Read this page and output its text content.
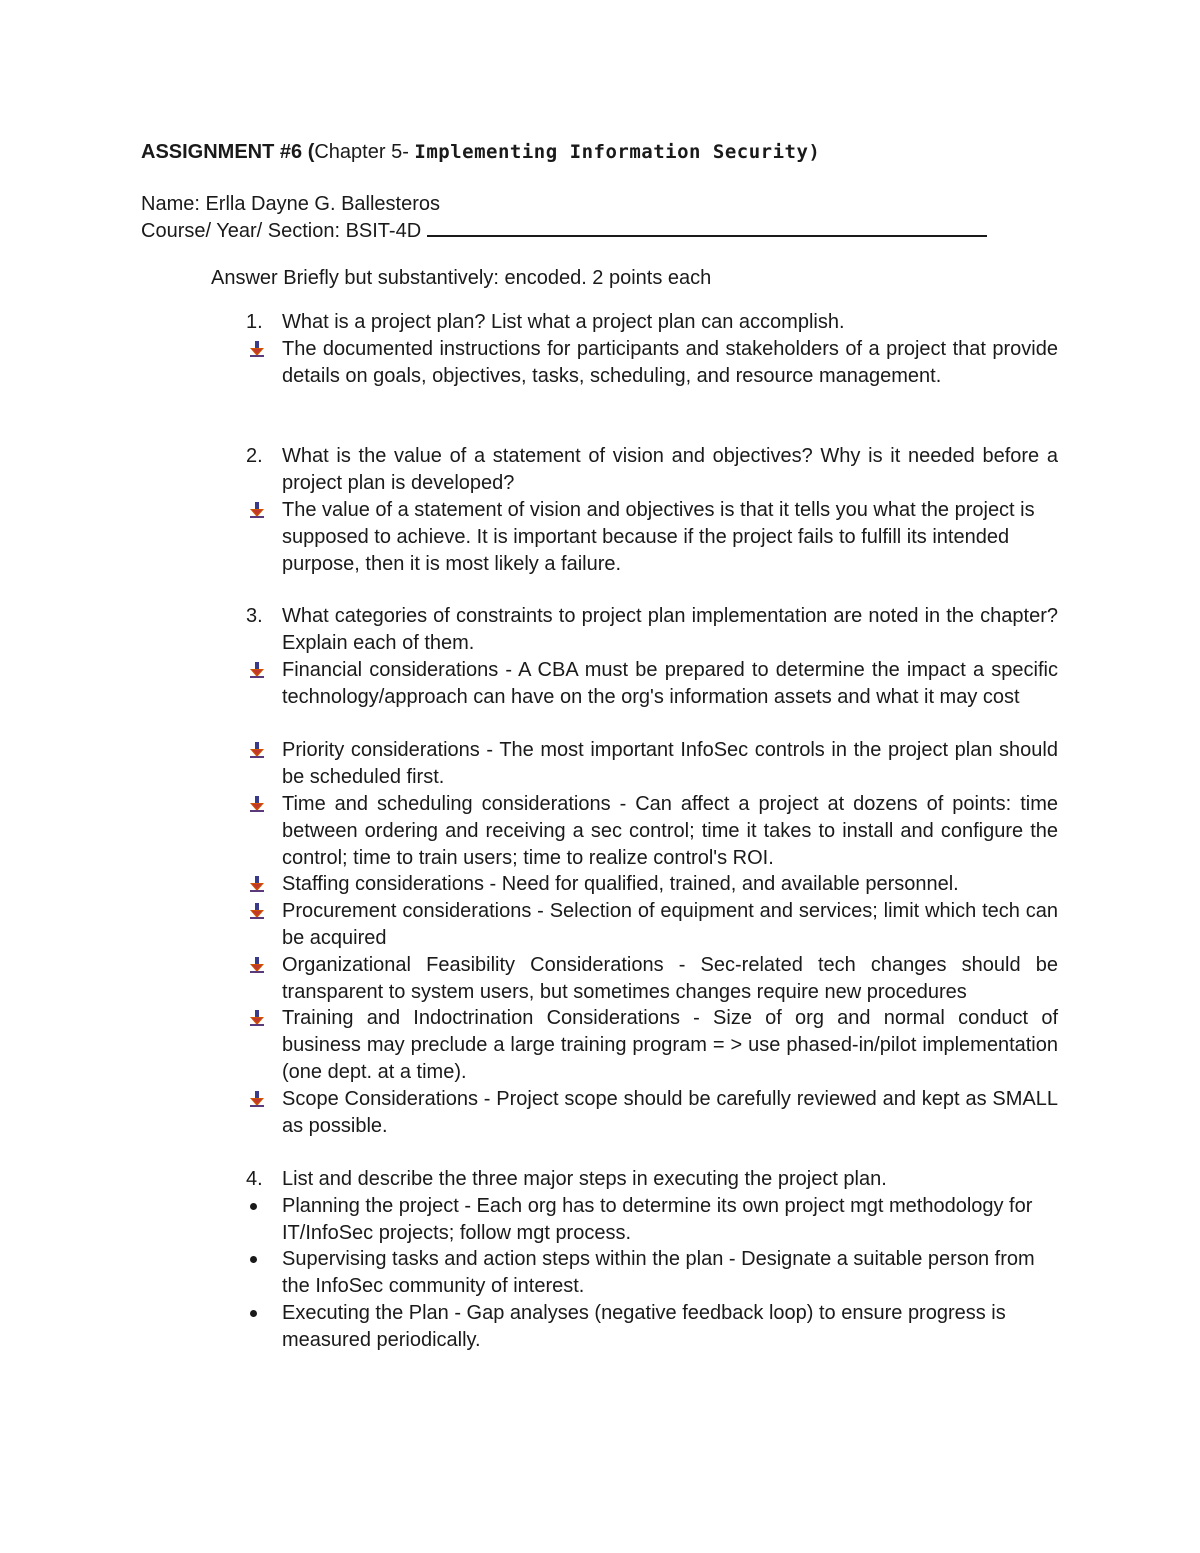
ASSIGNMENT #6 (Chapter 5- Implementing Information Security)
Name: Erlla Dayne G. Ballesteros
Course/ Year/ Section: BSIT-4D
Answer Briefly but substantively: encoded. 2 points each
1. What is a project plan? List what a project plan can accomplish.
The documented instructions for participants and stakeholders of a project that provide details on goals, objectives, tasks, scheduling, and resource management.
2. What is the value of a statement of vision and objectives? Why is it needed before a project plan is developed?
The value of a statement of vision and objectives is that it tells you what the project is supposed to achieve. It is important because if the project fails to fulfill its intended purpose, then it is most likely a failure.
3. What categories of constraints to project plan implementation are noted in the chapter? Explain each of them.
Financial considerations - A CBA must be prepared to determine the impact a specific technology/approach can have on the org's information assets and what it may cost
Priority considerations - The most important InfoSec controls in the project plan should be scheduled first.
Time and scheduling considerations - Can affect a project at dozens of points: time between ordering and receiving a sec control; time it takes to install and configure the control; time to train users; time to realize control's ROI.
Staffing considerations - Need for qualified, trained, and available personnel.
Procurement considerations - Selection of equipment and services; limit which tech can be acquired
Organizational Feasibility Considerations - Sec-related tech changes should be transparent to system users, but sometimes changes require new procedures
Training and Indoctrination Considerations - Size of org and normal conduct of business may preclude a large training program = > use phased-in/pilot implementation (one dept. at a time).
Scope Considerations - Project scope should be carefully reviewed and kept as SMALL as possible.
4. List and describe the three major steps in executing the project plan.
Planning the project - Each org has to determine its own project mgt methodology for IT/InfoSec projects; follow mgt process.
Supervising tasks and action steps within the plan - Designate a suitable person from the InfoSec community of interest.
Executing the Plan - Gap analyses (negative feedback loop) to ensure progress is measured periodically.
